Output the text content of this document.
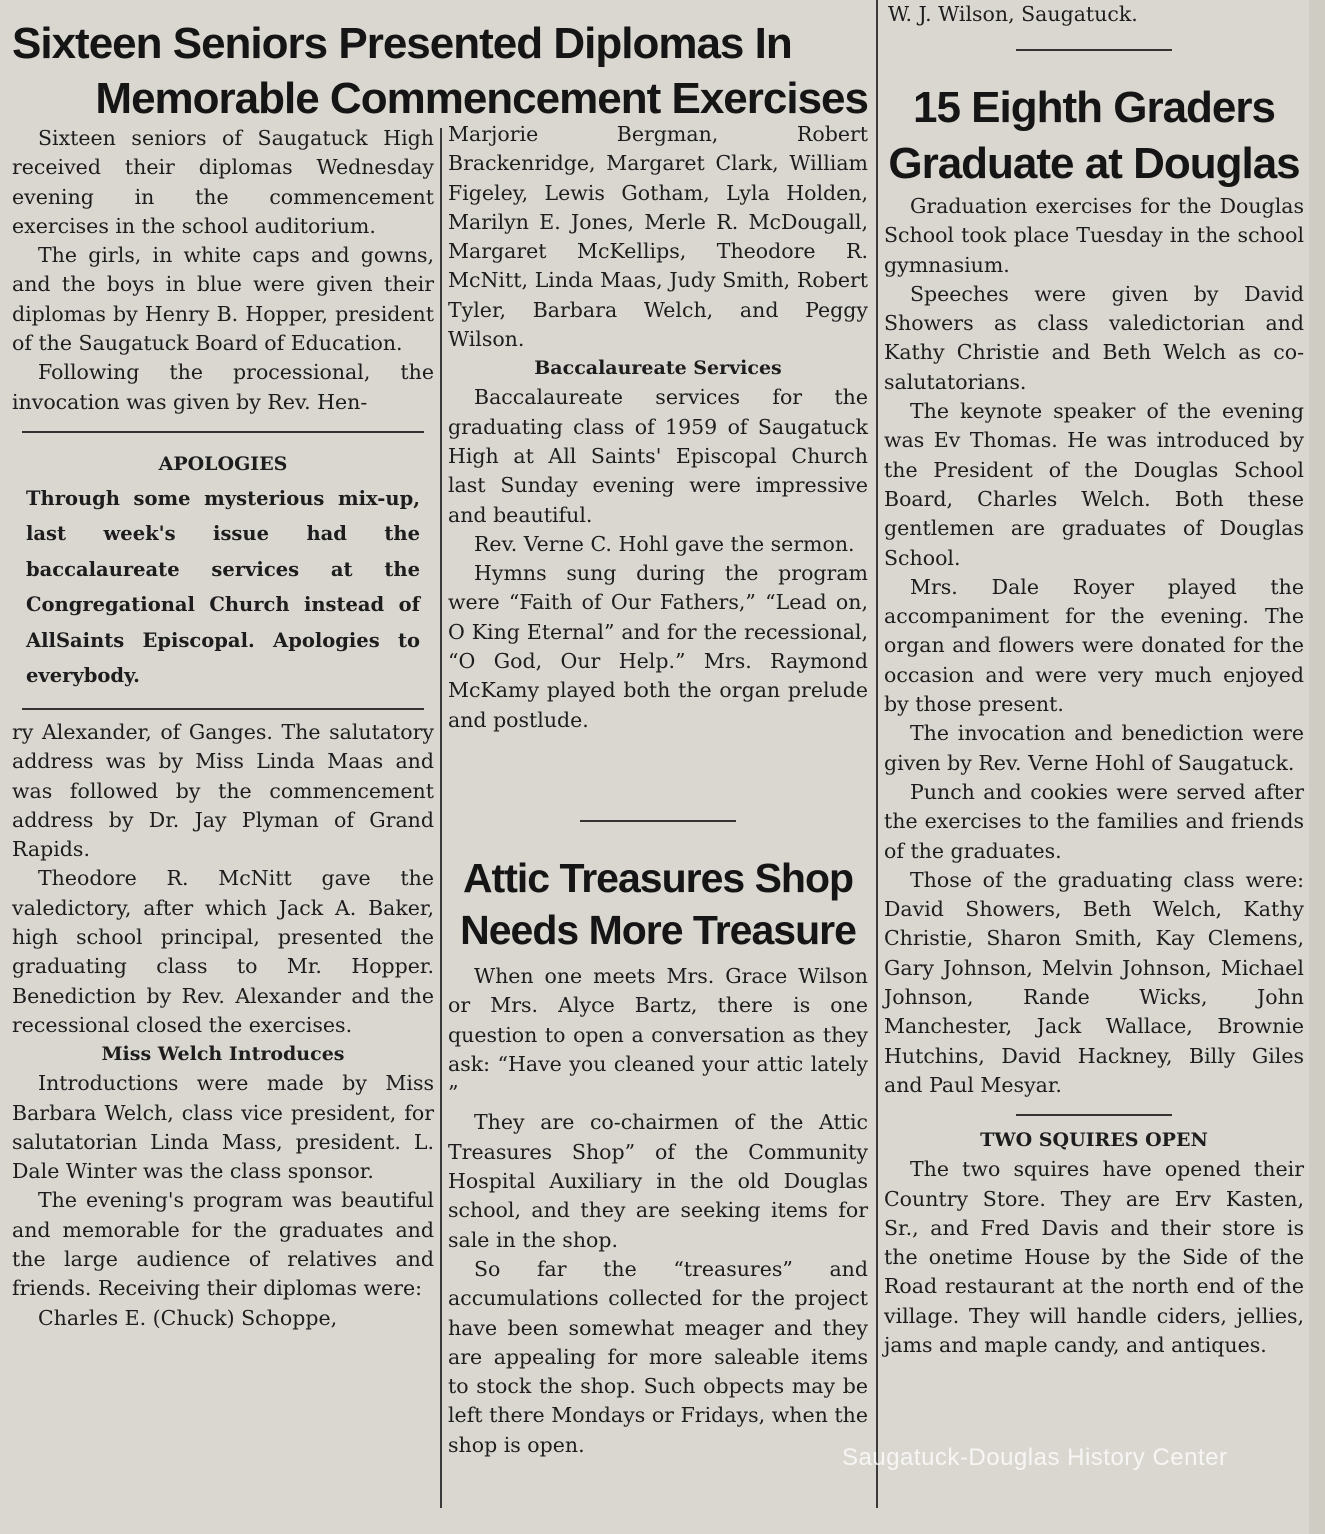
Sixteen Seniors Presented Diplomas In
Memorable Commencement Exercises

Sixteen seniors of Saugatuck High received their diplomas Wednesday evening in the commencement exercises in the school auditorium.

The girls, in white caps and gowns, and the boys in blue were given their diplomas by Henry B. Hopper, president of the Saugatuck Board of Education.

Following the processional, the invocation was given by Rev. Hen-

APOLOGIES
Through some mysterious mix-up, last week's issue had the baccalaureate services at the Congregational Church instead of AllSaints Episcopal. Apologies to everybody.

ry Alexander, of Ganges. The salutatory address was by Miss Linda Maas and was followed by the commencement address by Dr. Jay Plyman of Grand Rapids.

Theodore R. McNitt gave the valedictory, after which Jack A. Baker, high school principal, presented the graduating class to Mr. Hopper. Benediction by Rev. Alexander and the recessional closed the exercises.

Miss Welch Introduces

Introductions were made by Miss Barbara Welch, class vice president, for salutatorian Linda Mass, president. L. Dale Winter was the class sponsor.

The evening's program was beautiful and memorable for the graduates and the large audience of relatives and friends. Receiving their diplomas were:

Charles E. (Chuck) Schoppe,

Marjorie Bergman, Robert Brackenridge, Margaret Clark, William Figeley, Lewis Gotham, Lyla Holden, Marilyn E. Jones, Merle R. McDougall, Margaret McKellips, Theodore R. McNitt, Linda Maas, Judy Smith, Robert Tyler, Barbara Welch, and Peggy Wilson.

Baccalaureate Services

Baccalaureate services for the graduating class of 1959 of Saugatuck High at All Saints' Episcopal Church last Sunday evening were impressive and beautiful.

Rev. Verne C. Hohl gave the sermon.

Hymns sung during the program were “Faith of Our Fathers,” “Lead on, O King Eternal” and for the recessional, “O God, Our Help.” Mrs. Raymond McKamy played both the organ prelude and postlude.

Attic Treasures Shop
Needs More Treasure

When one meets Mrs. Grace Wilson or Mrs. Alyce Bartz, there is one question to open a conversation as they ask: “Have you cleaned your attic lately ”

They are co-chairmen of the Attic Treasures Shop” of the Community Hospital Auxiliary in the old Douglas school, and they are seeking items for sale in the shop.

So far the “treasures” and accumulations collected for the project have been somewhat meager and they are appealing for more saleable items to stock the shop. Such obpects may be left there Mondays or Fridays, when the shop is open.

W. J. Wilson, Saugatuck.

15 Eighth Graders
Graduate at Douglas

Graduation exercises for the Douglas School took place Tuesday in the school gymnasium.

Speeches were given by David Showers as class valedictorian and Kathy Christie and Beth Welch as co-salutatorians.

The keynote speaker of the evening was Ev Thomas. He was introduced by the President of the Douglas School Board, Charles Welch. Both these gentlemen are graduates of Douglas School.

Mrs. Dale Royer played the accompaniment for the evening. The organ and flowers were donated for the occasion and were very much enjoyed by those present.

The invocation and benediction were given by Rev. Verne Hohl of Saugatuck.

Punch and cookies were served after the exercises to the families and friends of the graduates.

Those of the graduating class were: David Showers, Beth Welch, Kathy Christie, Sharon Smith, Kay Clemens, Gary Johnson, Melvin Johnson, Michael Johnson, Rande Wicks, John Manchester, Jack Wallace, Brownie Hutchins, David Hackney, Billy Giles and Paul Mesyar.

TWO SQUIRES OPEN

The two squires have opened their Country Store. They are Erv Kasten, Sr., and Fred Davis and their store is the onetime House by the Side of the Road restaurant at the north end of the village. They will handle ciders, jellies, jams and maple candy, and antiques.

Saugatuck-Douglas History Center
